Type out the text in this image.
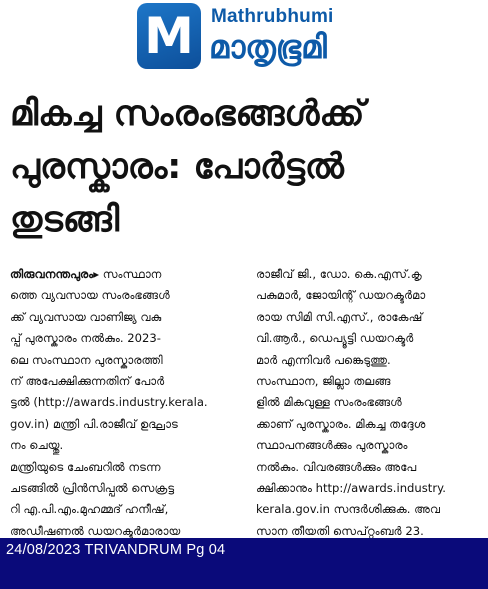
M Mathrubhumi
മാതൃഭൂമി
മികച്ച സംരംഭങ്ങൾക്ക്
പുരസ്കാരം: പോർട്ടൽ
തുടങ്ങി
തിരുവനന്തപുരം▸ സംസ്ഥാന
ത്തെ വ്യവസായ സംരംഭങ്ങൾ
ക്ക് വ്യവസായ വാണിജ്യ വകു
പ്പ് പുരസ്കാരം നൽകും. 2023-
ലെ സംസ്ഥാന പുരസ്കാരത്തി
ന് അപേക്ഷിക്കുന്നതിന് പോർ
ട്ടൽ (http://awards.industry.kerala.
gov.in) മന്ത്രി പി.രാജീവ് ഉദ്ഘാട
നം ചെയ്തു.
മന്ത്രിയുടെ ചേംബറിൽ നടന്ന
ചടങ്ങിൽ പ്രിൻസിപ്പൽ സെക്രട്ട
റി എ.പി.എം.മുഹമ്മദ് ഹനീഷ്,
അഡീഷണൽ ഡയറക്ടർമാരായ
രാജീവ് ജി., ഡോ. കെ.എസ്.കൃ
പകുമാർ, ജോയിന്റ് ഡയറക്ടർമാ
രായ സിമി സി.എസ്., രാകേഷ്
വി.ആർ., ഡെപ്യൂട്ടി ഡയറക്ടർ
മാർ എന്നിവർ പങ്കെടുത്തു.
സംസ്ഥാന, ജില്ലാ തലങ്ങ
ളിൽ മികവുള്ള സംരംഭങ്ങൾ
ക്കാണ് പുരസ്കാരം. മികച്ച തദ്ദേശ
സ്ഥാപനങ്ങൾക്കും പുരസ്കാരം
നൽകും. വിവരങ്ങൾക്കും അപേ
ക്ഷിക്കാനും http://awards.industry.
kerala.gov.in സന്ദർശിക്കുക. അവ
സാന തീയതി സെപ്റ്റംബർ 23.
24/08/2023 TRIVANDRUM Pg 04
